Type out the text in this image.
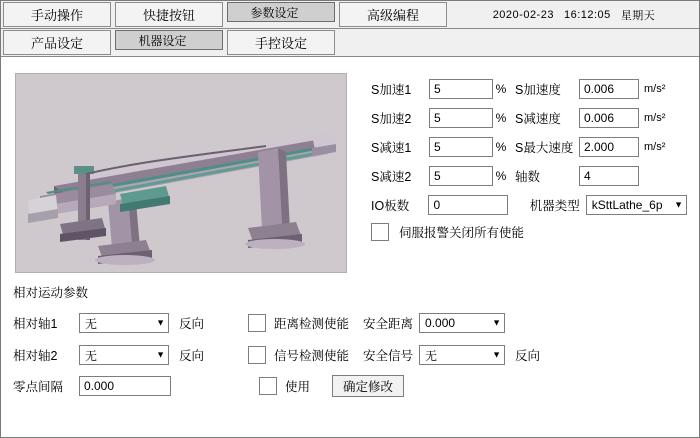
手动操作	快捷按钮	参数设定	高级编程	2020-02-23 16:12:05 星期天
产品设定	机器设定	手控设定
S加速1	5	% S加速度	0.006	m/s²
S加速2	5	% S减速度	0.006	m/s²
S减速1	5	% S最大速度 2.000	m/s²
S减速2	5	% 轴数	4
IO板数	0	机器类型 kSttLathe_6p ▼
伺服报警关闭所有使能
相对运动参数
相对轴1	无	▼ 反向	距离检测使能 安全距离 0.000	▼
相对轴2	无	▼ 反向	信号检测使能 安全信号 无	▼ 反向
零点间隔	0.000	使用	确定修改
